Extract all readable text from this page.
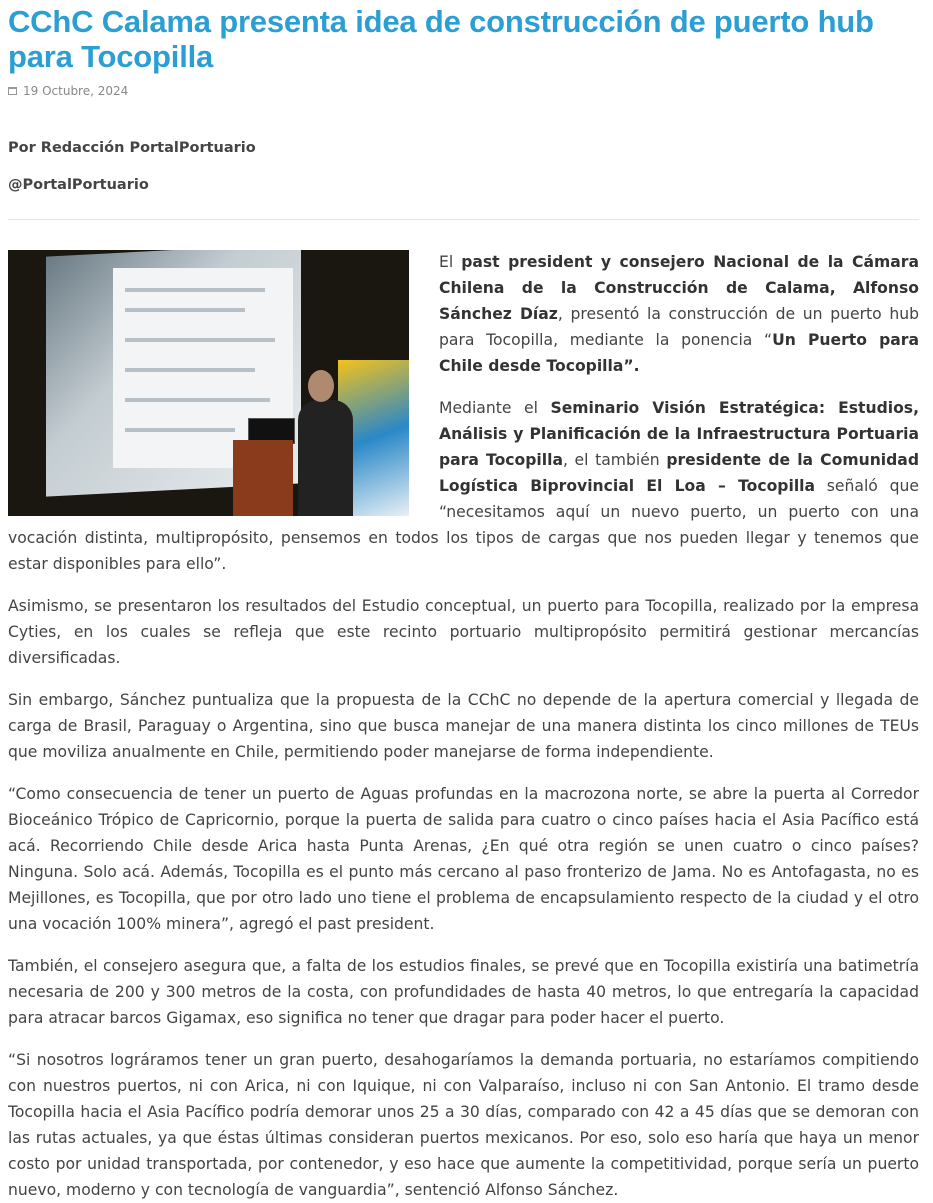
CChC Calama presenta idea de construcción de puerto hub para Tocopilla
19 Octubre, 2024
Por Redacción PortalPortuario
@PortalPortuario

El past president y consejero Nacional de la Cámara Chilena de la Construcción de Calama, Alfonso Sánchez Díaz, presentó la construcción de un puerto hub para Tocopilla, mediante la ponencia “Un Puerto para Chile desde Tocopilla”.

Mediante el Seminario Visión Estratégica: Estudios, Análisis y Planificación de la Infraestructura Portuaria para Tocopilla, el también presidente de la Comunidad Logística Biprovincial El Loa – Tocopilla señaló que “necesitamos aquí un nuevo puerto, un puerto con una vocación distinta, multipropósito, pensemos en todos los tipos de cargas que nos pueden llegar y tenemos que estar disponibles para ello”.

Asimismo, se presentaron los resultados del Estudio conceptual, un puerto para Tocopilla, realizado por la empresa Cyties, en los cuales se refleja que este recinto portuario multipropósito permitirá gestionar mercancías diversificadas.

Sin embargo, Sánchez puntualiza que la propuesta de la CChC no depende de la apertura comercial y llegada de carga de Brasil, Paraguay o Argentina, sino que busca manejar de una manera distinta los cinco millones de TEUs que moviliza anualmente en Chile, permitiendo poder manejarse de forma independiente.

“Como consecuencia de tener un puerto de Aguas profundas en la macrozona norte, se abre la puerta al Corredor Bioceánico Trópico de Capricornio, porque la puerta de salida para cuatro o cinco países hacia el Asia Pacífico está acá. Recorriendo Chile desde Arica hasta Punta Arenas, ¿En qué otra región se unen cuatro o cinco países? Ninguna. Solo acá. Además, Tocopilla es el punto más cercano al paso fronterizo de Jama. No es Antofagasta, no es Mejillones, es Tocopilla, que por otro lado uno tiene el problema de encapsulamiento respecto de la ciudad y el otro una vocación 100% minera”, agregó el past president.

También, el consejero asegura que, a falta de los estudios finales, se prevé que en Tocopilla existiría una batimetría necesaria de 200 y 300 metros de la costa, con profundidades de hasta 40 metros, lo que entregaría la capacidad para atracar barcos Gigamax, eso significa no tener que dragar para poder hacer el puerto.

“Si nosotros lográramos tener un gran puerto, desahogaríamos la demanda portuaria, no estaríamos compitiendo con nuestros puertos, ni con Arica, ni con Iquique, ni con Valparaíso, incluso ni con San Antonio. El tramo desde Tocopilla hacia el Asia Pacífico podría demorar unos 25 a 30 días, comparado con 42 a 45 días que se demoran con las rutas actuales, ya que éstas últimas consideran puertos mexicanos. Por eso, solo eso haría que haya un menor costo por unidad transportada, por contenedor, y eso hace que aumente la competitividad, porque sería un puerto nuevo, moderno y con tecnología de vanguardia”, sentenció Alfonso Sánchez.
